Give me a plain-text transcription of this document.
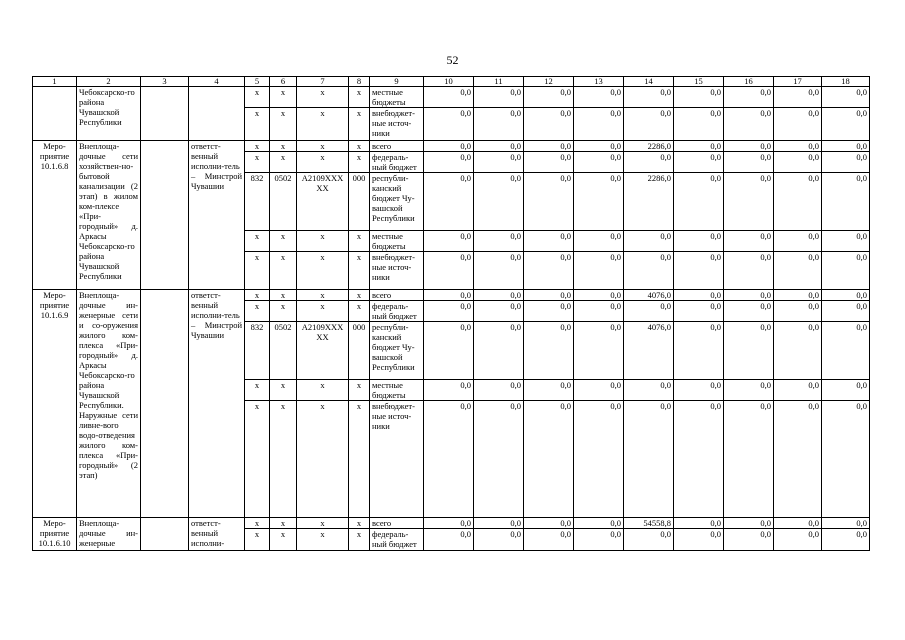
52
1	2	3	4	5	6	7	8	9	10	11	12	13	14	15	16	17	18
	Чебоксарско-го района Чувашской Республики			x	x	x	x	местные бюджеты	0,0	0,0	0,0	0,0	0,0	0,0	0,0	0,0	0,0
				x	x	x	x	внебюджет-ные источ-ники	0,0	0,0	0,0	0,0	0,0	0,0	0,0	0,0	0,0
Меро-приятие 10.1.6.8	Внеплоща-дочные сети хозяйствен-но-бытовой канализации (2 этап) в жилом ком-плексе «При-городный» д. Аркасы Чебоксарско-го района Чувашской Республики		ответст-венный исполни-тель – Минстрой Чувашии	x	x	x	x	всего	0,0	0,0	0,0	0,0	2286,0	0,0	0,0	0,0	0,0
				x	x	x	x	федераль-ный бюджет	0,0	0,0	0,0	0,0	0,0	0,0	0,0	0,0	0,0
				832	0502	A2109XXX XX	000	республи-канский бюджет Чу-вашской Республики	0,0	0,0	0,0	0,0	2286,0	0,0	0,0	0,0	0,0
				x	x	x	x	местные бюджеты	0,0	0,0	0,0	0,0	0,0	0,0	0,0	0,0	0,0
				x	x	x	x	внебюджет-ные источ-ники	0,0	0,0	0,0	0,0	0,0	0,0	0,0	0,0	0,0
Меро-приятие 10.1.6.9	Внеплоща-дочные ин-женерные сети и со-оружения жилого ком-плекса «При-городный» д. Аркасы Чебоксарско-го района Чувашской Республики. Наружные сети ливне-вого водо-отведения жилого ком-плекса «При-городный» (2 этап)		ответст-венный исполни-тель – Минстрой Чувашии	x	x	x	x	всего	0,0	0,0	0,0	0,0	4076,0	0,0	0,0	0,0	0,0
				x	x	x	x	федераль-ный бюджет	0,0	0,0	0,0	0,0	0,0	0,0	0,0	0,0	0,0
				832	0502	A2109XXX XX	000	республи-канский бюджет Чу-вашской Республики	0,0	0,0	0,0	0,0	4076,0	0,0	0,0	0,0	0,0
				x	x	x	x	местные бюджеты	0,0	0,0	0,0	0,0	0,0	0,0	0,0	0,0	0,0
				x	x	x	x	внебюджет-ные источ-ники	0,0	0,0	0,0	0,0	0,0	0,0	0,0	0,0	0,0
Меро-приятие 10.1.6.10	Внеплоща-дочные ин-женерные		ответст-венный исполни-	x	x	x	x	всего	0,0	0,0	0,0	0,0	54558,8	0,0	0,0	0,0	0,0
				x	x	x	x	федераль-ный бюджет	0,0	0,0	0,0	0,0	0,0	0,0	0,0	0,0	0,0
